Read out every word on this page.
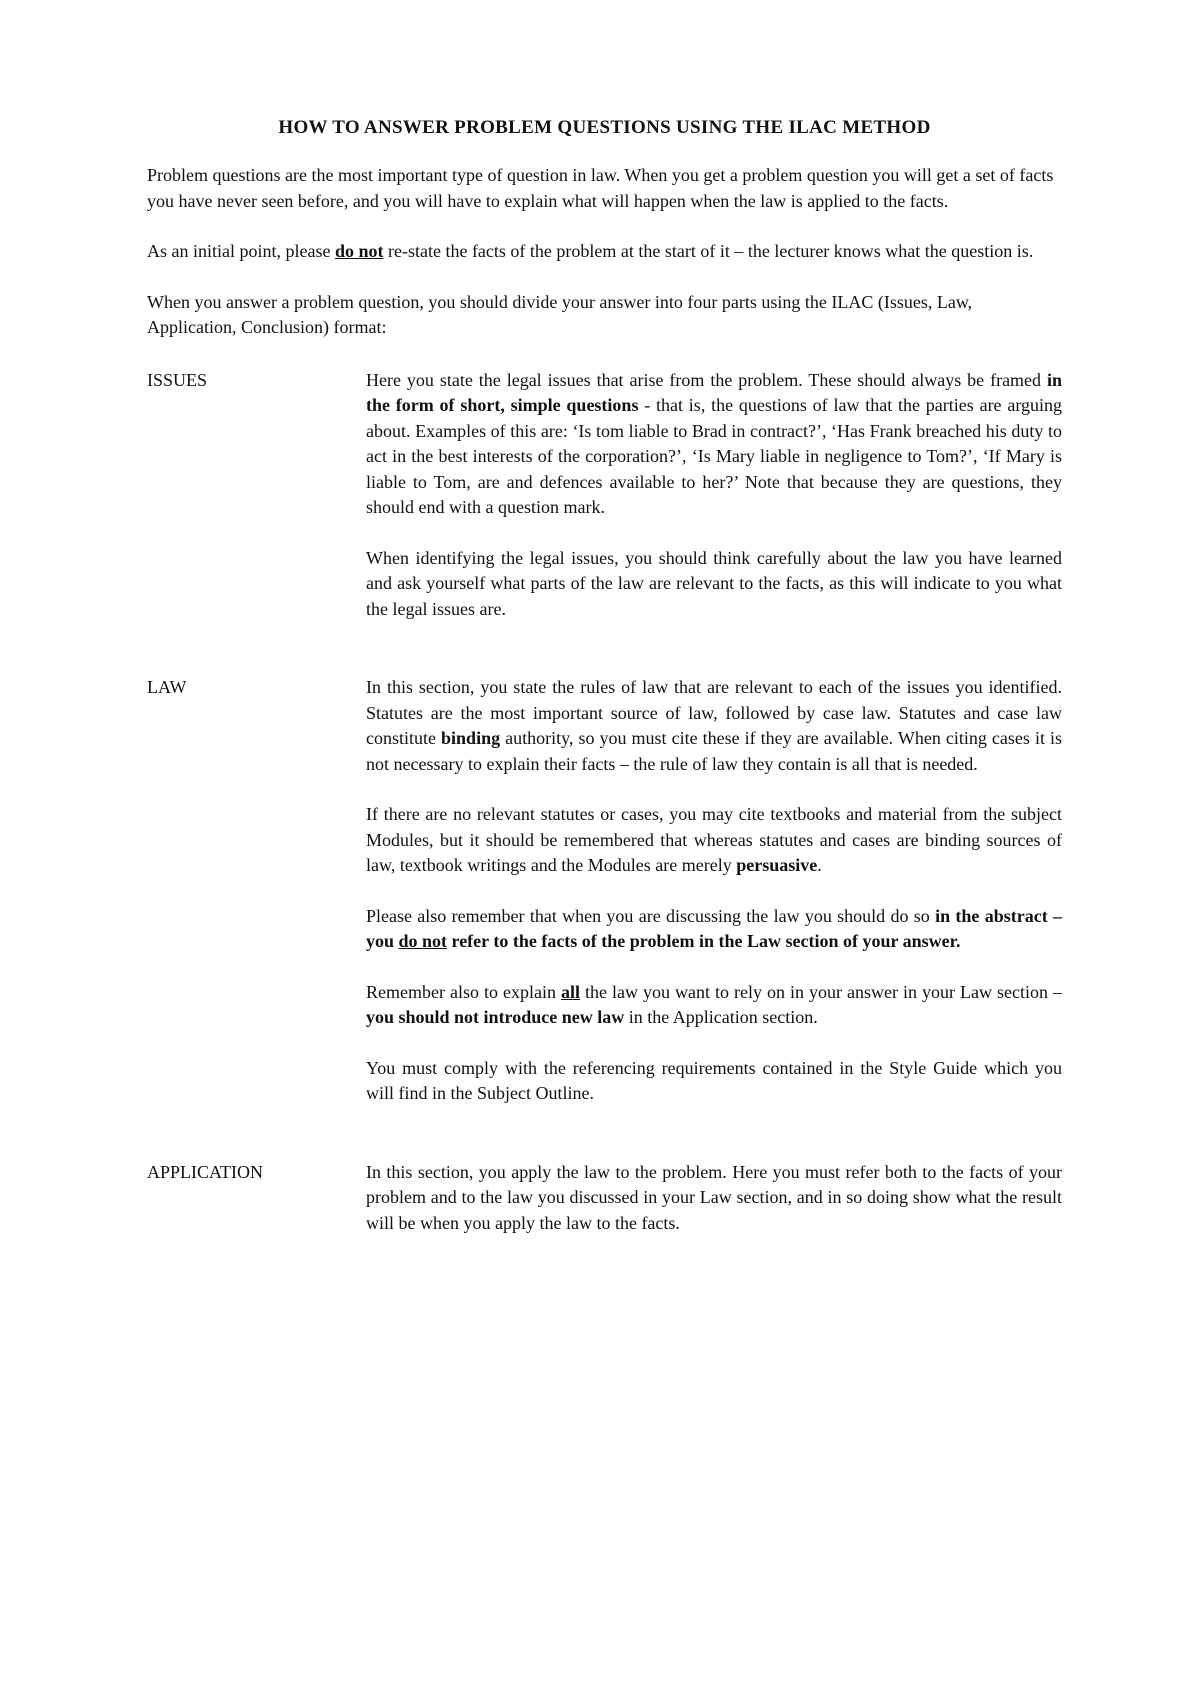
HOW TO ANSWER PROBLEM QUESTIONS USING THE ILAC METHOD

Problem questions are the most important type of question in law. When you get a problem question you will get a set of facts you have never seen before, and you will have to explain what will happen when the law is applied to the facts.

As an initial point, please do not re-state the facts of the problem at the start of it – the lecturer knows what the question is.

When you answer a problem question, you should divide your answer into four parts using the ILAC (Issues, Law, Application, Conclusion) format:

ISSUES	Here you state the legal issues that arise from the problem. These should always be framed in the form of short, simple questions - that is, the questions of law that the parties are arguing about. Examples of this are: ‘Is tom liable to Brad in contract?’, ‘Has Frank breached his duty to act in the best interests of the corporation?’, ‘Is Mary liable in negligence to Tom?’, ‘If Mary is liable to Tom, are and defences available to her?’ Note that because they are questions, they should end with a question mark.

When identifying the legal issues, you should think carefully about the law you have learned and ask yourself what parts of the law are relevant to the facts, as this will indicate to you what the legal issues are.

LAW	In this section, you state the rules of law that are relevant to each of the issues you identified. Statutes are the most important source of law, followed by case law. Statutes and case law constitute binding authority, so you must cite these if they are available. When citing cases it is not necessary to explain their facts – the rule of law they contain is all that is needed.

If there are no relevant statutes or cases, you may cite textbooks and material from the subject Modules, but it should be remembered that whereas statutes and cases are binding sources of law, textbook writings and the Modules are merely persuasive.

Please also remember that when you are discussing the law you should do so in the abstract – you do not refer to the facts of the problem in the Law section of your answer.

Remember also to explain all the law you want to rely on in your answer in your Law section – you should not introduce new law in the Application section.

You must comply with the referencing requirements contained in the Style Guide which you will find in the Subject Outline.

APPLICATION	In this section, you apply the law to the problem. Here you must refer both to the facts of your problem and to the law you discussed in your Law section, and in so doing show what the result will be when you apply the law to the facts.
